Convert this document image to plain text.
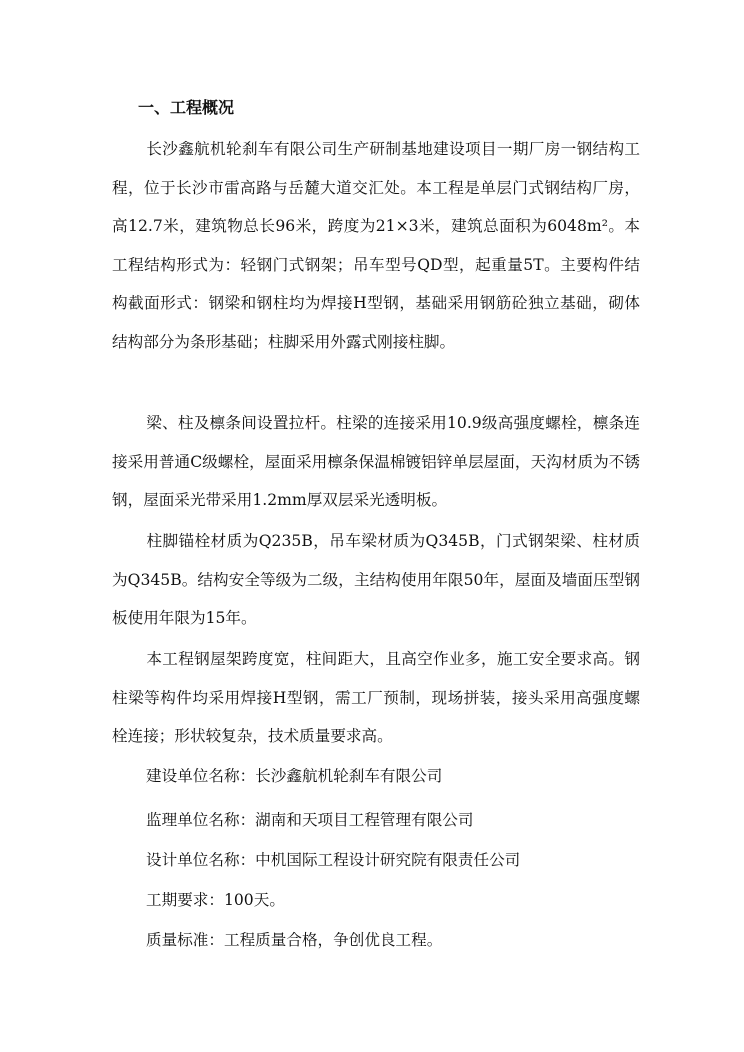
一、工程概况

长沙鑫航机轮刹车有限公司生产研制基地建设项目一期厂房一钢结构工程，位于长沙市雷高路与岳麓大道交汇处。本工程是单层门式钢结构厂房，高12.7米，建筑物总长96米，跨度为21×3米，建筑总面积为6048m²。本工程结构形式为：轻钢门式钢架；吊车型号QD型，起重量5T。主要构件结构截面形式：钢梁和钢柱均为焊接H型钢，基础采用钢筋砼独立基础，砌体结构部分为条形基础；柱脚采用外露式刚接柱脚。

梁、柱及檩条间设置拉杆。柱梁的连接采用10.9级高强度螺栓，檩条连接采用普通C级螺栓，屋面采用檩条保温棉镀铝锌单层屋面，天沟材质为不锈钢，屋面采光带采用1.2mm厚双层采光透明板。

柱脚锚栓材质为Q235B，吊车梁材质为Q345B，门式钢架梁、柱材质为Q345B。结构安全等级为二级，主结构使用年限50年，屋面及墙面压型钢板使用年限为15年。

本工程钢屋架跨度宽，柱间距大，且高空作业多，施工安全要求高。钢柱梁等构件均采用焊接H型钢，需工厂预制，现场拼装，接头采用高强度螺栓连接；形状较复杂，技术质量要求高。

建设单位名称：长沙鑫航机轮刹车有限公司
监理单位名称：湖南和天项目工程管理有限公司
设计单位名称：中机国际工程设计研究院有限责任公司
工期要求：100天。
质量标准：工程质量合格，争创优良工程。
